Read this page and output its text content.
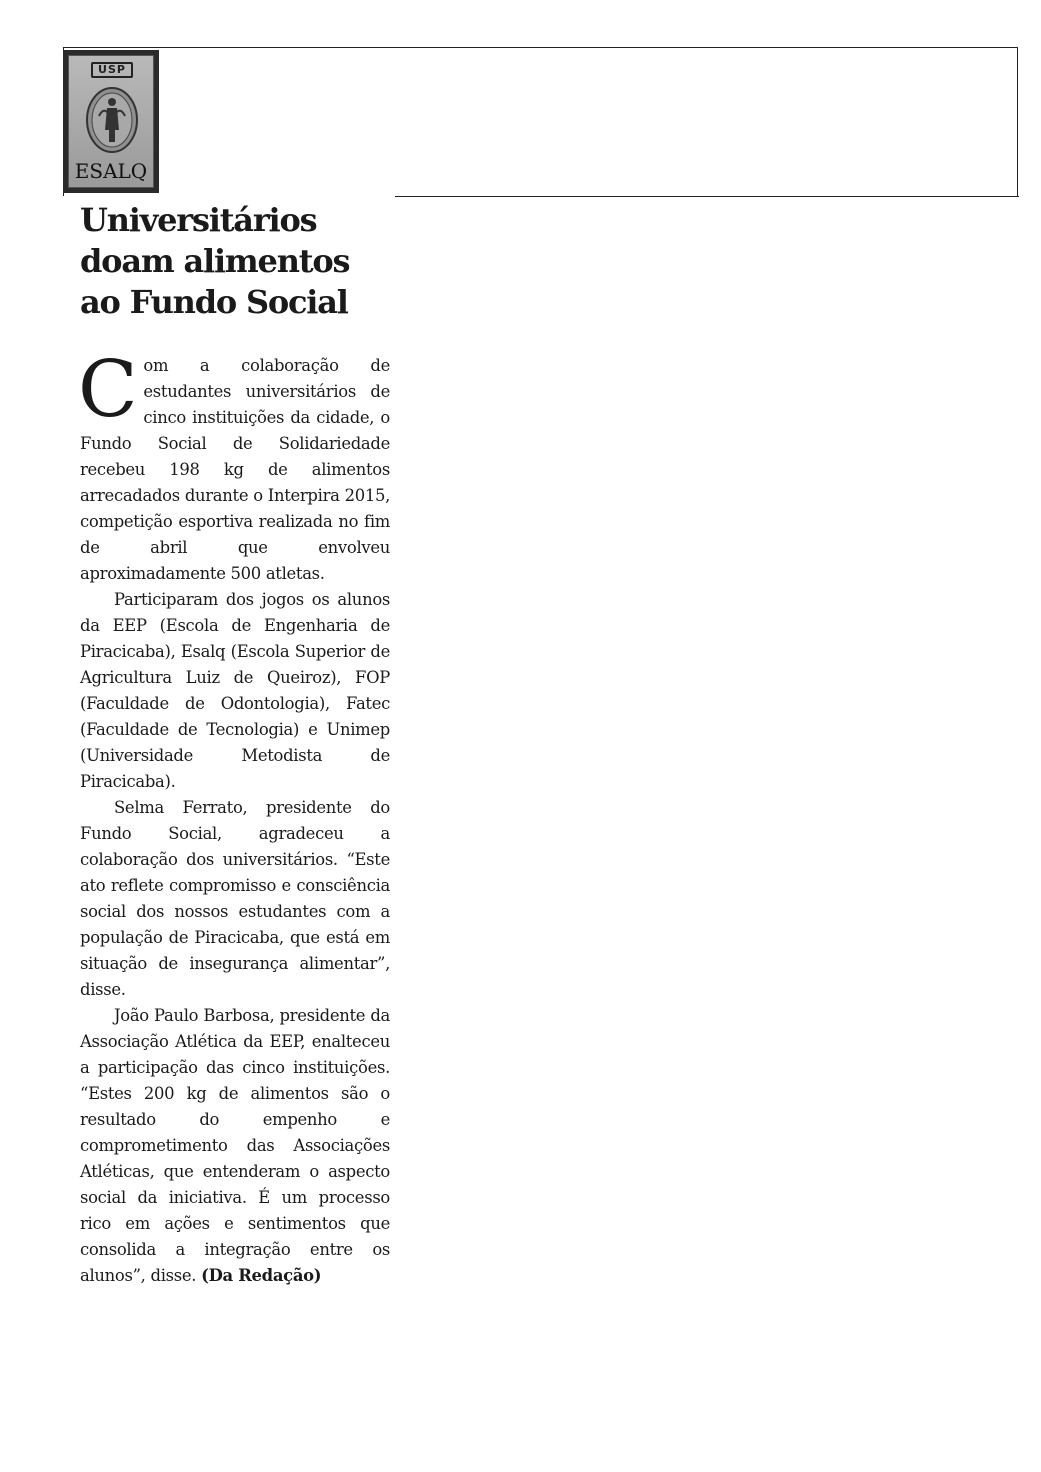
USP
ESALQ
Universitários
doam alimentos
ao Fundo Social

Com a colaboração de estudantes universitários de cinco instituições da cidade, o Fundo Social de Solidariedade recebeu 198 kg de alimentos arrecadados durante o Interpira 2015, competição esportiva realizada no fim de abril que envolveu aproximadamente 500 atletas.

Participaram dos jogos os alunos da EEP (Escola de Engenharia de Piracicaba), Esalq (Escola Superior de Agricultura Luiz de Queiroz), FOP (Faculdade de Odontologia), Fatec (Faculdade de Tecnologia) e Unimep (Universidade Metodista de Piracicaba).

Selma Ferrato, presidente do Fundo Social, agradeceu a colaboração dos universitários. “Este ato reflete compromisso e consciência social dos nossos estudantes com a população de Piracicaba, que está em situação de insegurança alimentar”, disse.

João Paulo Barbosa, presidente da Associação Atlética da EEP, enalteceu a participação das cinco instituições. “Estes 200 kg de alimentos são o resultado do empenho e comprometimento das Associações Atléticas, que entenderam o aspecto social da iniciativa. É um processo rico em ações e sentimentos que consolida a integração entre os alunos”, disse. (Da Redação)
